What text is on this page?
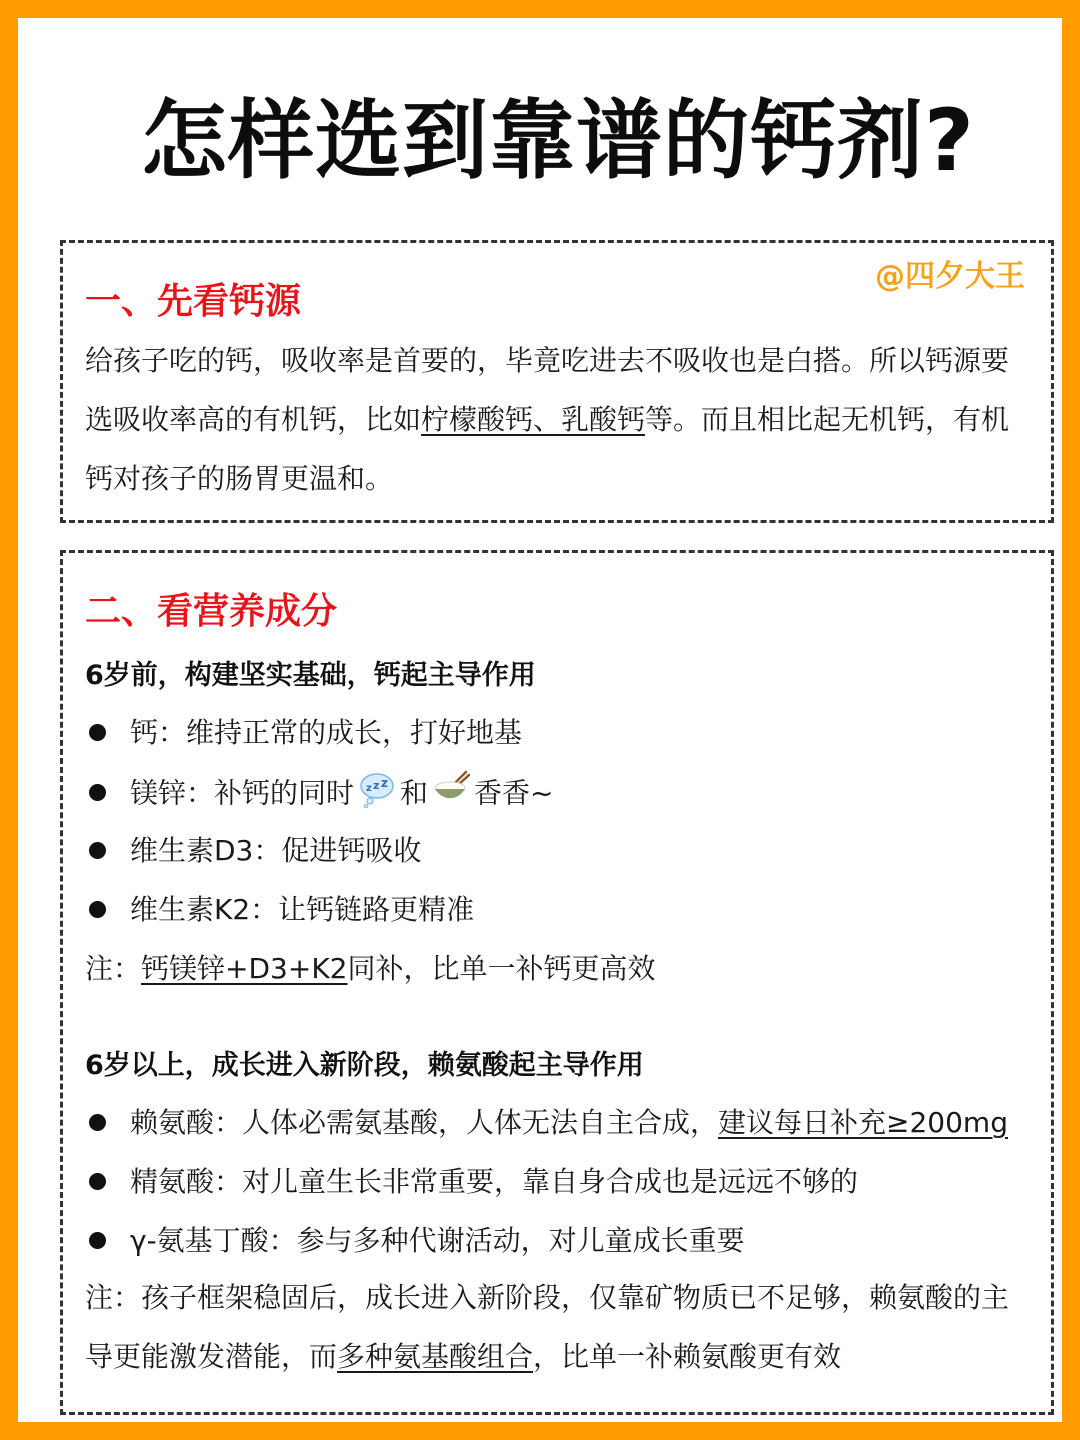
怎样选到靠谱的钙剂?
@四夕大王
一、先看钙源
给孩子吃的钙，吸收率是首要的，毕竟吃进去不吸收也是白搭。所以钙源要选吸收率高的有机钙，比如柠檬酸钙、乳酸钙等。而且相比起无机钙，有机钙对孩子的肠胃更温和。
二、看营养成分
6岁前，构建坚实基础，钙起主导作用
钙：维持正常的成长，打好地基
镁锌：补钙的同时 z z z 和 香香~
维生素D3：促进钙吸收
维生素K2：让钙链路更精准
注：钙镁锌+D3+K2同补，比单一补钙更高效
6岁以上，成长进入新阶段，赖氨酸起主导作用
赖氨酸：人体必需氨基酸，人体无法自主合成，建议每日补充≥200mg
精氨酸：对儿童生长非常重要，靠自身合成也是远远不够的
γ-氨基丁酸：参与多种代谢活动，对儿童成长重要
注：孩子框架稳固后，成长进入新阶段，仅靠矿物质已不足够，赖氨酸的主导更能激发潜能，而多种氨基酸组合，比单一补赖氨酸更有效
